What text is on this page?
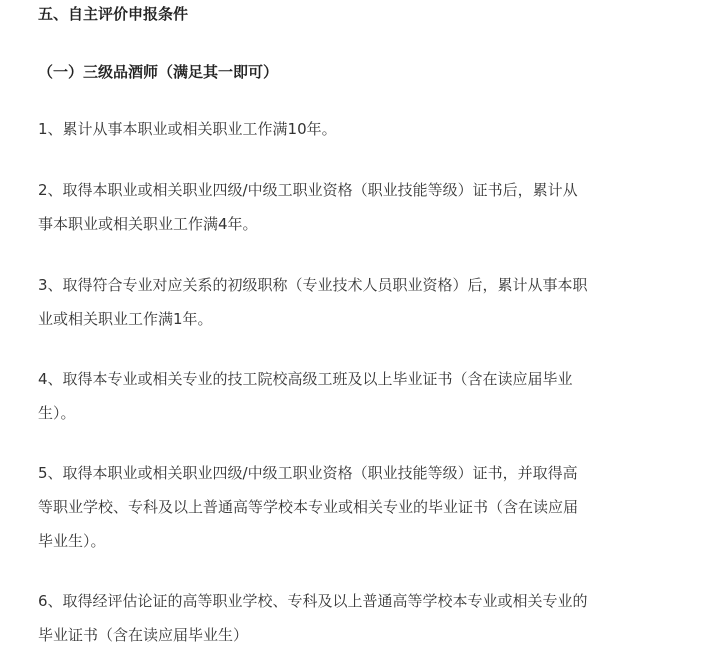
五、自主评价申报条件
（一）三级品酒师（满足其一即可）

1、累计从事本职业或相关职业工作满10年。

2、取得本职业或相关职业四级/中级工职业资格（职业技能等级）证书后，累计从
事本职业或相关职业工作满4年。

3、取得符合专业对应关系的初级职称（专业技术人员职业资格）后，累计从事本职
业或相关职业工作满1年。

4、取得本专业或相关专业的技工院校高级工班及以上毕业证书（含在读应届毕业
生）。

5、取得本职业或相关职业四级/中级工职业资格（职业技能等级）证书，并取得高
等职业学校、专科及以上普通高等学校本专业或相关专业的毕业证书（含在读应届
毕业生）。

6、取得经评估论证的高等职业学校、专科及以上普通高等学校本专业或相关专业的
毕业证书（含在读应届毕业生）
